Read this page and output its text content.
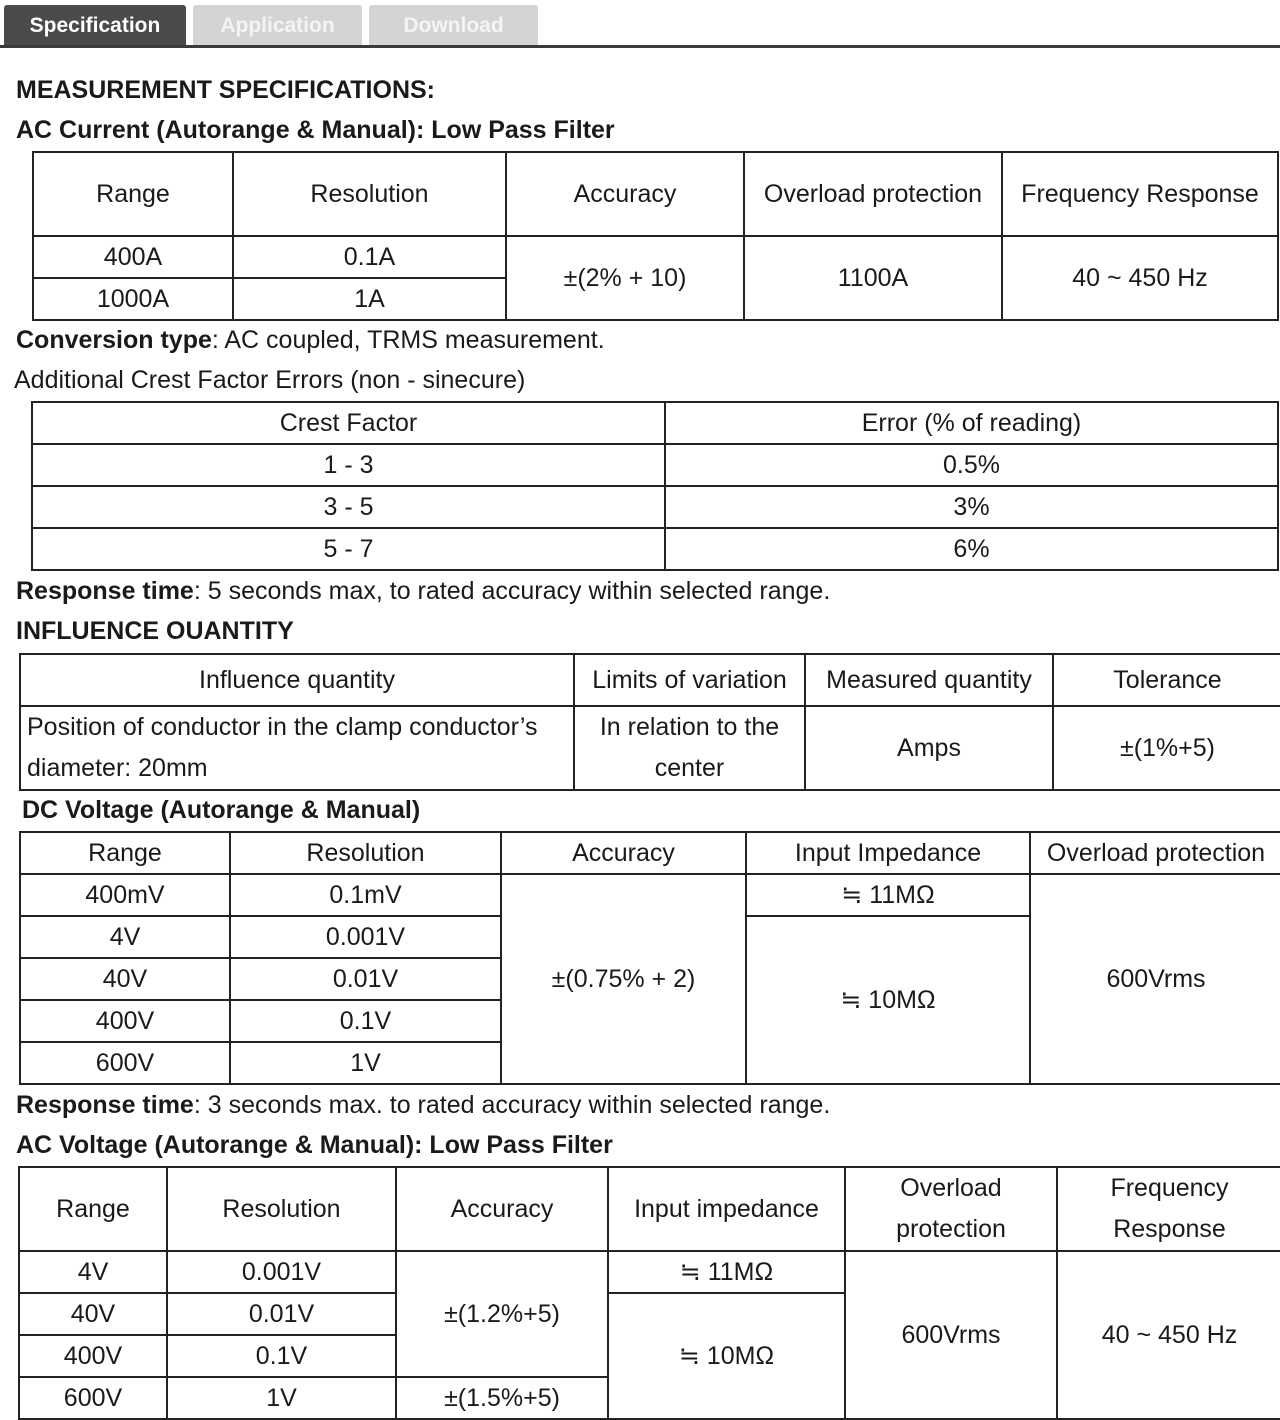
Specification	Application	Download
MEASUREMENT SPECIFICATIONS:
AC Current (Autorange & Manual): Low Pass Filter
Range	Resolution	Accuracy	Overload protection	Frequency Response
400A	0.1A	±(2% + 10)	1100A	40 ~ 450 Hz
1000A	1A			
Conversion type: AC coupled, TRMS measurement.
Additional Crest Factor Errors (non - sinecure)
Crest Factor	Error (% of reading)
1 - 3	0.5%
3 - 5	3%
5 - 7	6%
Response time: 5 seconds max, to rated accuracy within selected range.
INFLUENCE OUANTITY
Influence quantity	Limits of variation	Measured quantity	Tolerance
Position of conductor in the clamp conductor’s diameter: 20mm	In relation to the center	Amps	±(1%+5)
DC Voltage (Autorange & Manual)
Range	Resolution	Accuracy	Input Impedance	Overload protection
400mV	0.1mV	±(0.75% + 2)	≒ 11MΩ	600Vrms
4V	0.001V		≒ 10MΩ	
40V	0.01V			
400V	0.1V			
600V	1V			
Response time: 3 seconds max. to rated accuracy within selected range.
AC Voltage (Autorange & Manual): Low Pass Filter
Range	Resolution	Accuracy	Input impedance	Overload protection	Frequency Response
4V	0.001V	±(1.2%+5)	≒ 11MΩ	600Vrms	40 ~ 450 Hz
40V	0.01V		≒ 10MΩ		
400V	0.1V				
600V	1V	±(1.5%+5)			
